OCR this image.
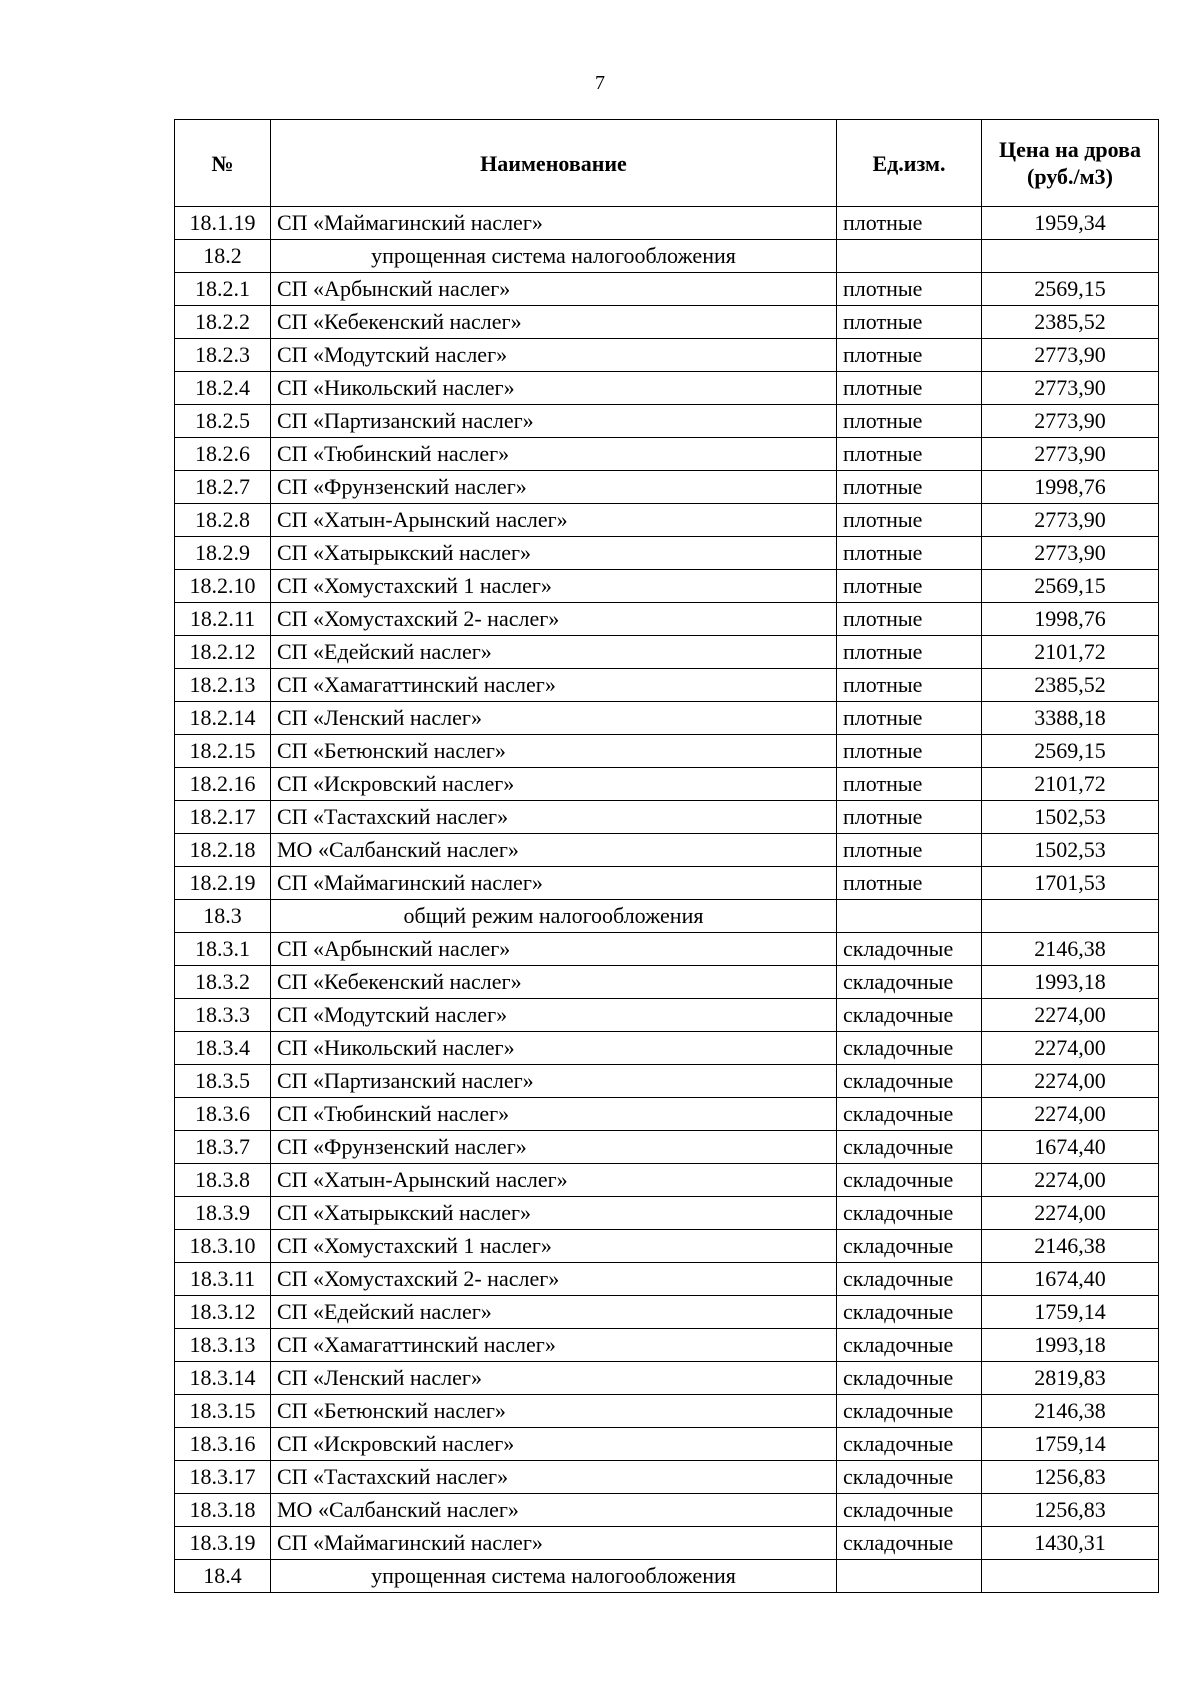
7
№	Наименование	Ед.изм.	Цена на дрова (руб./м3)
18.1.19	СП «Маймагинский наслег»	плотные	1959,34
18.2	упрощенная система налогообложения		
18.2.1	СП «Арбынский наслег»	плотные	2569,15
18.2.2	СП «Кебекенский наслег»	плотные	2385,52
18.2.3	СП «Модутский наслег»	плотные	2773,90
18.2.4	СП «Никольский наслег»	плотные	2773,90
18.2.5	СП «Партизанский наслег»	плотные	2773,90
18.2.6	СП «Тюбинский наслег»	плотные	2773,90
18.2.7	СП «Фрунзенский наслег»	плотные	1998,76
18.2.8	СП «Хатын-Арынский наслег»	плотные	2773,90
18.2.9	СП «Хатырыкский наслег»	плотные	2773,90
18.2.10	СП «Хомустахский 1 наслег»	плотные	2569,15
18.2.11	СП «Хомустахский 2- наслег»	плотные	1998,76
18.2.12	СП «Едейский наслег»	плотные	2101,72
18.2.13	СП «Хамагаттинский наслег»	плотные	2385,52
18.2.14	СП «Ленский наслег»	плотные	3388,18
18.2.15	СП «Бетюнский наслег»	плотные	2569,15
18.2.16	СП «Искровский наслег»	плотные	2101,72
18.2.17	СП «Тастахский наслег»	плотные	1502,53
18.2.18	МО «Салбанский наслег»	плотные	1502,53
18.2.19	СП «Маймагинский наслег»	плотные	1701,53
18.3	общий режим налогообложения		
18.3.1	СП «Арбынский наслег»	складочные	2146,38
18.3.2	СП «Кебекенский наслег»	складочные	1993,18
18.3.3	СП «Модутский наслег»	складочные	2274,00
18.3.4	СП «Никольский наслег»	складочные	2274,00
18.3.5	СП «Партизанский наслег»	складочные	2274,00
18.3.6	СП «Тюбинский наслег»	складочные	2274,00
18.3.7	СП «Фрунзенский наслег»	складочные	1674,40
18.3.8	СП «Хатын-Арынский наслег»	складочные	2274,00
18.3.9	СП «Хатырыкский наслег»	складочные	2274,00
18.3.10	СП «Хомустахский 1 наслег»	складочные	2146,38
18.3.11	СП «Хомустахский 2- наслег»	складочные	1674,40
18.3.12	СП «Едейский наслег»	складочные	1759,14
18.3.13	СП «Хамагаттинский наслег»	складочные	1993,18
18.3.14	СП «Ленский наслег»	складочные	2819,83
18.3.15	СП «Бетюнский наслег»	складочные	2146,38
18.3.16	СП «Искровский наслег»	складочные	1759,14
18.3.17	СП «Тастахский наслег»	складочные	1256,83
18.3.18	МО «Салбанский наслег»	складочные	1256,83
18.3.19	СП «Маймагинский наслег»	складочные	1430,31
18.4	упрощенная система налогообложения		
